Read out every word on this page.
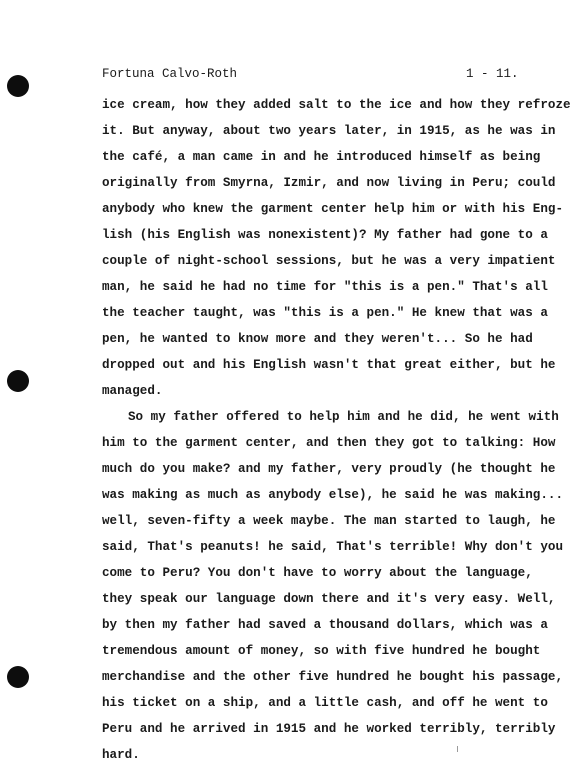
Fortuna Calvo-Roth	1 - 11.
ice cream, how they added salt to the ice and how they refroze
it. But anyway, about two years later, in 1915, as he was in
the café, a man came in and he introduced himself as being
originally from Smyrna, Izmir, and now living in Peru; could
anybody who knew the garment center help him or with his Eng-
lish (his English was nonexistent)? My father had gone to a
couple of night-school sessions, but he was a very impatient
man, he said he had no time for "this is a pen." That's all
the teacher taught, was "this is a pen." He knew that was a
pen, he wanted to know more and they weren't... So he had
dropped out and his English wasn't that great either, but he
managed.
So my father offered to help him and he did, he went with
him to the garment center, and then they got to talking: How
much do you make? and my father, very proudly (he thought he
was making as much as anybody else), he said he was making...
well, seven-fifty a week maybe. The man started to laugh, he
said, That's peanuts! he said, That's terrible! Why don't you
come to Peru? You don't have to worry about the language,
they speak our language down there and it's very easy. Well,
by then my father had saved a thousand dollars, which was a
tremendous amount of money, so with five hundred he bought
merchandise and the other five hundred he bought his passage,
his ticket on a ship, and a little cash, and off he went to
Peru and he arrived in 1915 and he worked terribly, terribly
hard.
